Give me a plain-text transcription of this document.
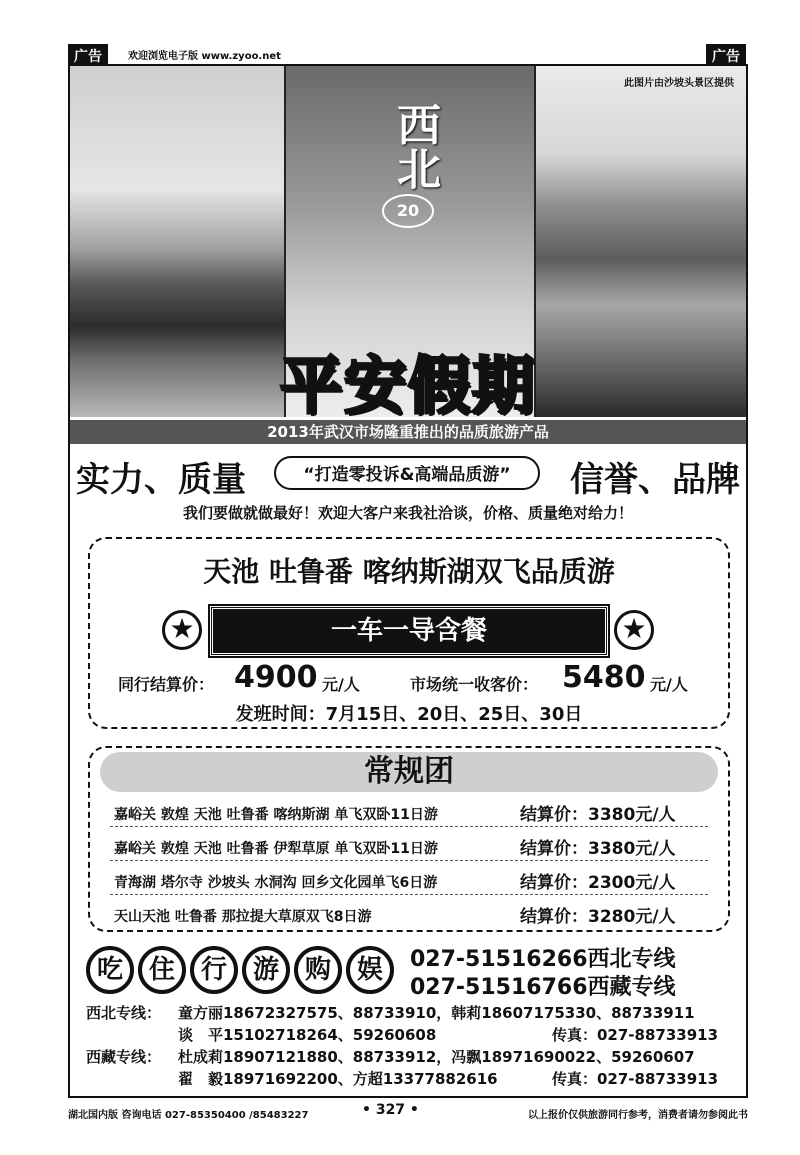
广告	欢迎浏览电子版 www.zyoo.net	广告
西北
20
此图片由沙坡头景区提供
平安假期
2013年武汉市场隆重推出的品质旅游产品
实力、质量	“打造零投诉&高端品质游”	信誉、品牌
我们要做就做最好！欢迎大客户来我社洽谈，价格、质量绝对给力！
天池 吐鲁番 喀纳斯湖双飞品质游
★	一车一导含餐	★
同行结算价： 4900 元/人	市场统一收客价： 5480 元/人
发班时间：7月15日、20日、25日、30日
常规团
嘉峪关 敦煌 天池 吐鲁番 喀纳斯湖 单飞双卧11日游	结算价：3380元/人
嘉峪关 敦煌 天池 吐鲁番 伊犁草原 单飞双卧11日游	结算价：3380元/人
青海湖 塔尔寺 沙坡头 水洞沟 回乡文化园单飞6日游	结算价：2300元/人
天山天池 吐鲁番 那拉提大草原双飞8日游	结算价：3280元/人
吃 住 行 游 购 娱	027-51516266西北专线
027-51516766西藏专线
西北专线： 童方丽18672327575、88733910，韩莉18607175330、88733911
谈　平15102718264、59260608	传真：027-88733913
西藏专线： 杜成莉18907121880、88733912，冯飘18971690022、59260607
翟　毅18971692200、方超13377882616	传真：027-88733913
湖北国内版 咨询电话 027-85350400 /85483227	• 327 •	以上报价仅供旅游同行参考，消费者请勿参阅此书
